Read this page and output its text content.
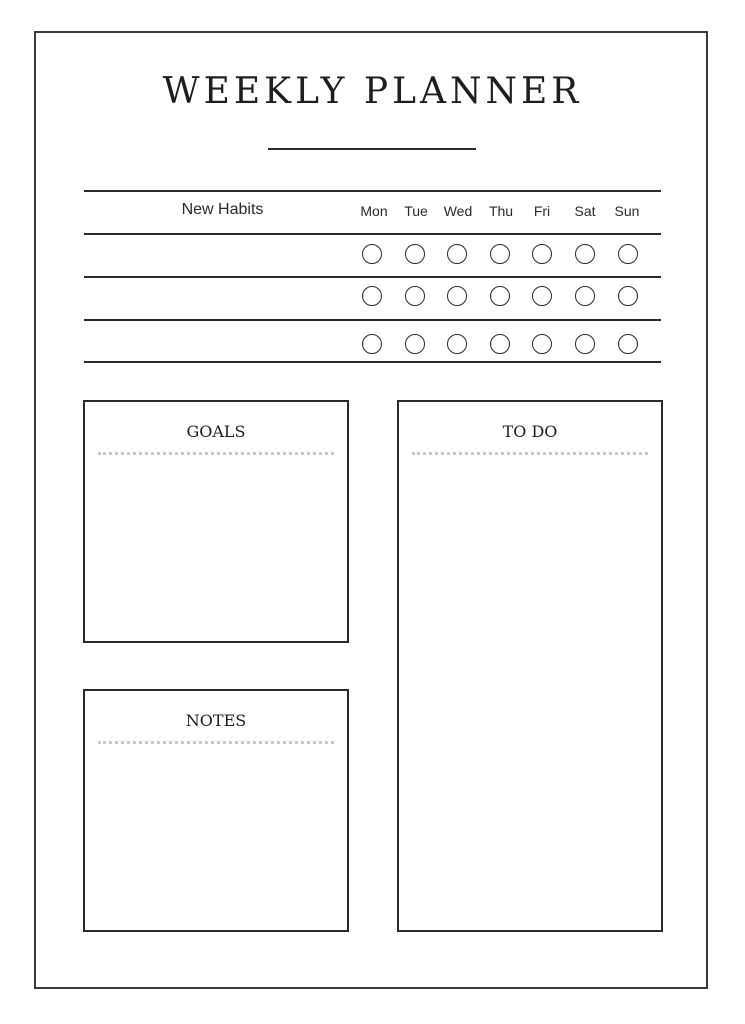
WEEKLY PLANNER
New Habits	Mon	Tue	Wed	Thu	Fri	Sat	Sun
GOALS
NOTES
TO DO
